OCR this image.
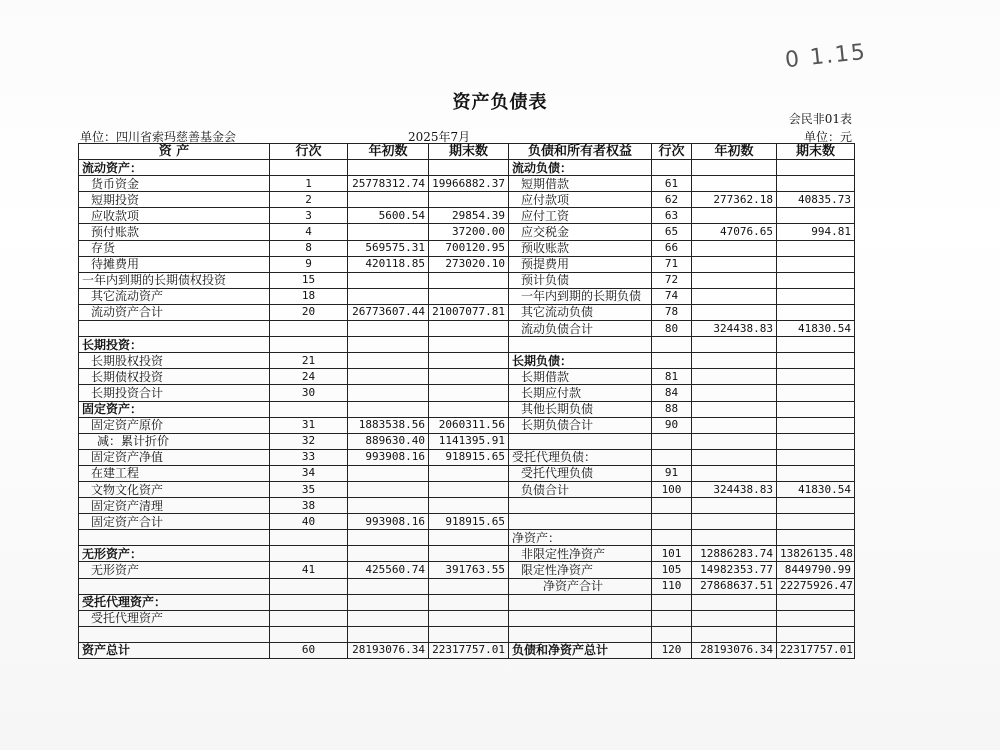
0 1.15
资产负债表
会民非01表
单位：四川省索玛慈善基金会	2025年7月	单位：元
资 产	行次	年初数	期末数	负债和所有者权益	行次	年初数	期末数
流动资产：				流动负债：			
货币资金	1	25778312.74	19966882.37	短期借款	61		
短期投资	2			应付款项	62	277362.18	40835.73
应收款项	3	5600.54	29854.39	应付工资	63		
预付账款	4		37200.00	应交税金	65	47076.65	994.81
存货	8	569575.31	700120.95	预收账款	66		
待摊费用	9	420118.85	273020.10	预提费用	71		
一年内到期的长期债权投资	15			预计负债	72		
其它流动资产	18			一年内到期的长期负债	74		
流动资产合计	20	26773607.44	21007077.81	其它流动负债	78		
				流动负债合计	80	324438.83	41830.54
长期投资：							
长期股权投资	21			长期负债：			
长期债权投资	24			长期借款	81		
长期投资合计	30			长期应付款	84		
固定资产：				其他长期负债	88		
固定资产原价	31	1883538.56	2060311.56	长期负债合计	90		
减：累计折价	32	889630.40	1141395.91				
固定资产净值	33	993908.16	918915.65	受托代理负债：			
在建工程	34			受托代理负债	91		
文物文化资产	35			负债合计	100	324438.83	41830.54
固定资产清理	38						
固定资产合计	40	993908.16	918915.65				
				净资产：			
无形资产：				非限定性净资产	101	12886283.74	13826135.48
无形资产	41	425560.74	391763.55	限定性净资产	105	14982353.77	8449790.99
				净资产合计	110	27868637.51	22275926.47
受托代理资产：							
受托代理资产							

资产总计	60	28193076.34	22317757.01	负债和净资产总计	120	28193076.34	22317757.01
